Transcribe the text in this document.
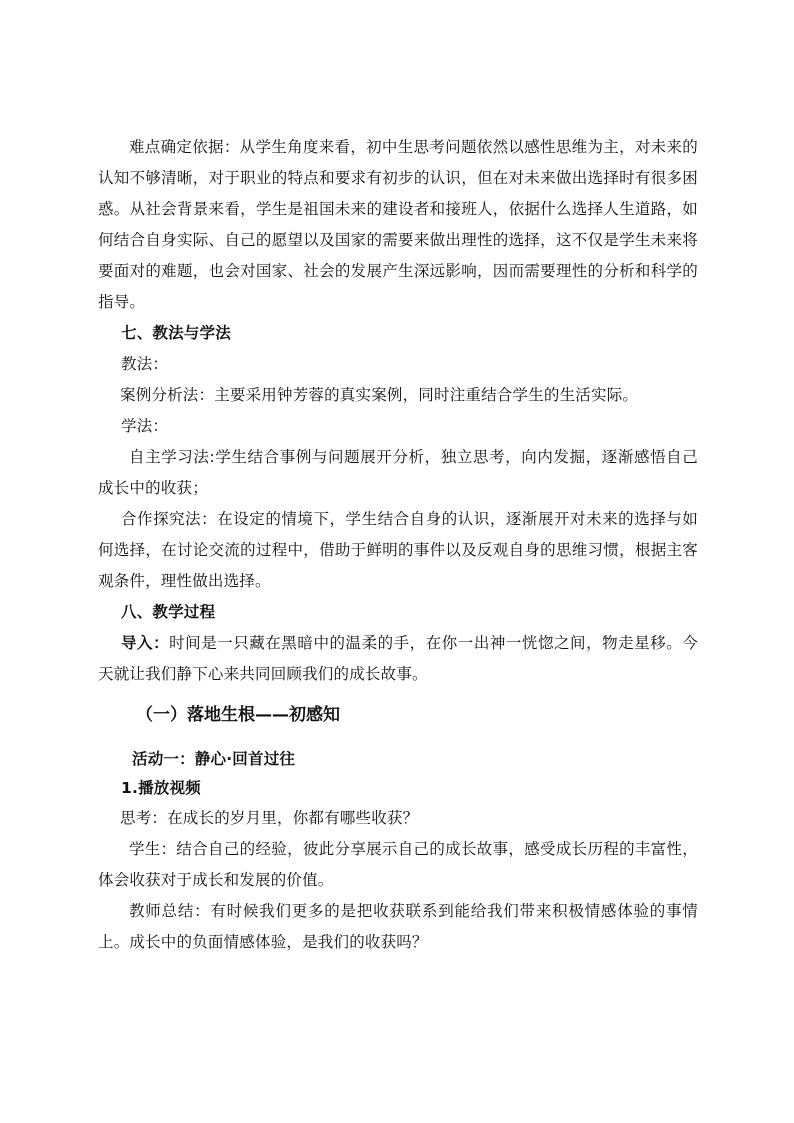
难点确定依据：从学生角度来看，初中生思考问题依然以感性思维为主，对未来的认知不够清晰，对于职业的特点和要求有初步的认识，但在对未来做出选择时有很多困惑。从社会背景来看，学生是祖国未来的建设者和接班人，依据什么选择人生道路，如何结合自身实际、自己的愿望以及国家的需要来做出理性的选择，这不仅是学生未来将要面对的难题，也会对国家、社会的发展产生深远影响，因而需要理性的分析和科学的指导。

七、教法与学法

教法：

案例分析法：主要采用钟芳蓉的真实案例，同时注重结合学生的生活实际。

学法：

自主学习法:学生结合事例与问题展开分析，独立思考，向内发掘，逐渐感悟自己成长中的收获；

合作探究法：在设定的情境下，学生结合自身的认识，逐渐展开对未来的选择与如何选择，在讨论交流的过程中，借助于鲜明的事件以及反观自身的思维习惯，根据主客观条件，理性做出选择。

八、教学过程

导入：时间是一只藏在黑暗中的温柔的手，在你一出神一恍惚之间，物走星移。今天就让我们静下心来共同回顾我们的成长故事。

（一）落地生根——初感知

活动一：静心·回首过往

1.播放视频

思考：在成长的岁月里，你都有哪些收获？

学生：结合自己的经验，彼此分享展示自己的成长故事，感受成长历程的丰富性，体会收获对于成长和发展的价值。

教师总结：有时候我们更多的是把收获联系到能给我们带来积极情感体验的事情上。成长中的负面情感体验，是我们的收获吗？
